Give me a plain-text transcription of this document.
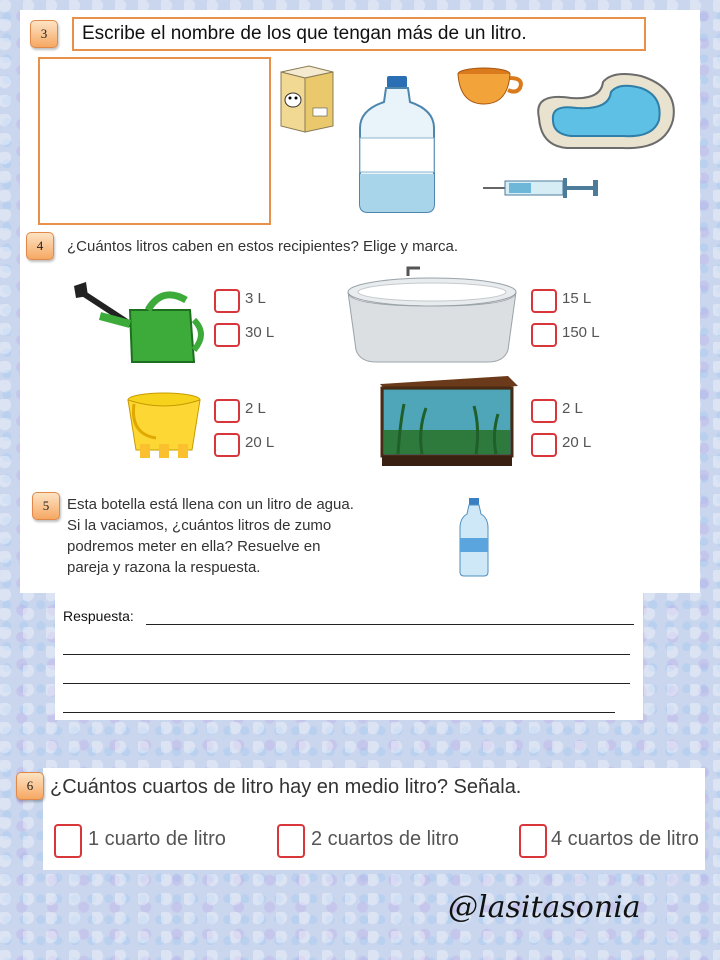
3	Escribe el nombre de los que tengan más de un litro.
4	¿Cuántos litros caben en estos recipientes? Elige y marca.
3 L
30 L
15 L
150 L
2 L
20 L
2 L
20 L
5	Esta botella está llena con un litro de agua.
Si la vaciamos, ¿cuántos litros de zumo
podremos meter en ella? Resuelve en
pareja y razona la respuesta.
Respuesta:
6 ¿Cuántos cuartos de litro hay en medio litro? Señala.
1 cuarto de litro	2 cuartos de litro	4 cuartos de litro
@lasitasonia
